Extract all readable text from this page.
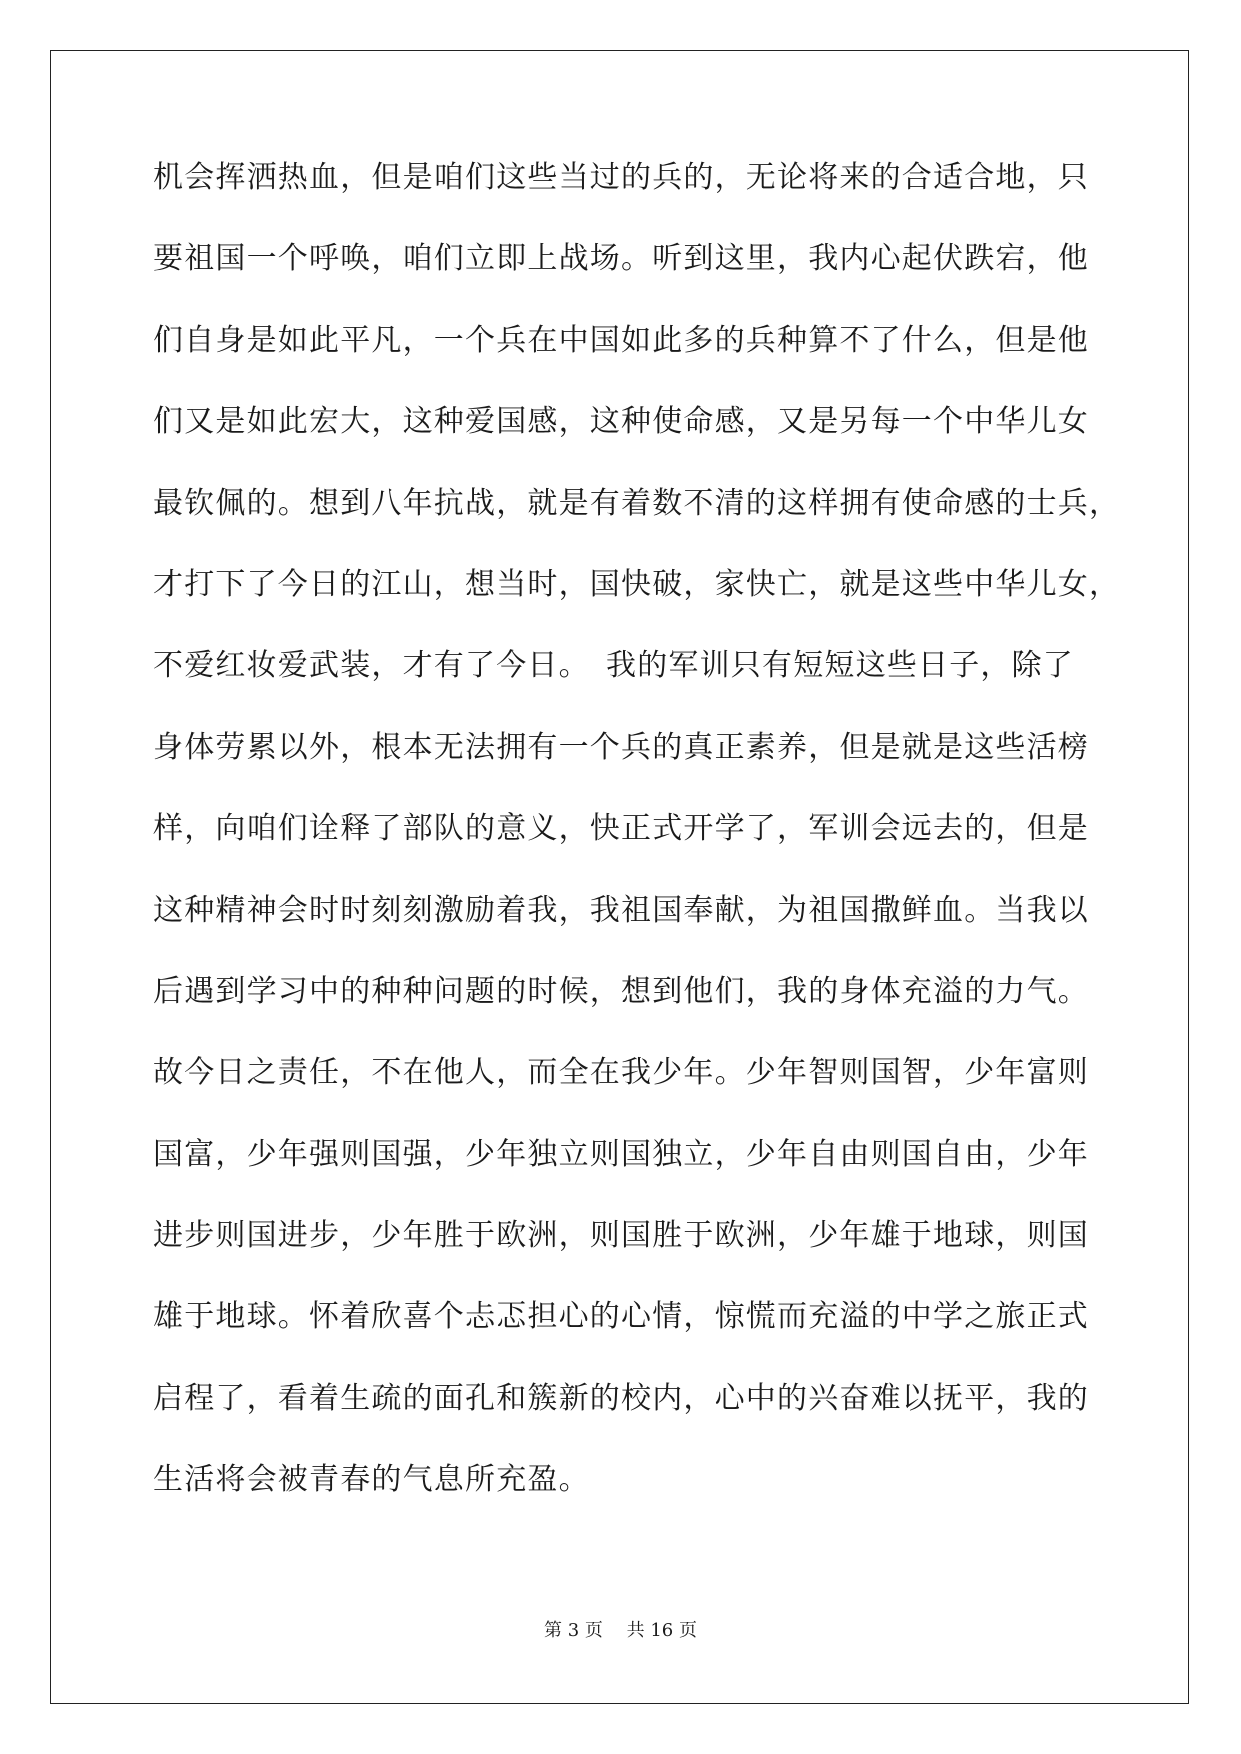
机会挥洒热血，但是咱们这些当过的兵的，无论将来的合适合地，只
要祖国一个呼唤，咱们立即上战场。听到这里，我内心起伏跌宕，他
们自身是如此平凡，一个兵在中国如此多的兵种算不了什么，但是他
们又是如此宏大，这种爱国感，这种使命感，又是另每一个中华儿女
最钦佩的。想到八年抗战，就是有着数不清的这样拥有使命感的士兵，
才打下了今日的江山，想当时，国快破，家快亡，就是这些中华儿女，
不爱红妆爱武装，才有了今日。　我的军训只有短短这些日子，除了
身体劳累以外，根本无法拥有一个兵的真正素养，但是就是这些活榜
样，向咱们诠释了部队的意义，快正式开学了，军训会远去的，但是
这种精神会时时刻刻激励着我，我祖国奉献，为祖国撒鲜血。当我以
后遇到学习中的种种问题的时候，想到他们，我的身体充溢的力气。
故今日之责任，不在他人，而全在我少年。少年智则国智，少年富则
国富，少年强则国强，少年独立则国独立，少年自由则国自由，少年
进步则国进步，少年胜于欧洲，则国胜于欧洲，少年雄于地球，则国
雄于地球。怀着欣喜个忐忑担心的心情，惊慌而充溢的中学之旅正式
启程了，看着生疏的面孔和簇新的校内，心中的兴奋难以抚平，我的
生活将会被青春的气息所充盈。
第 3 页　 共 16 页
